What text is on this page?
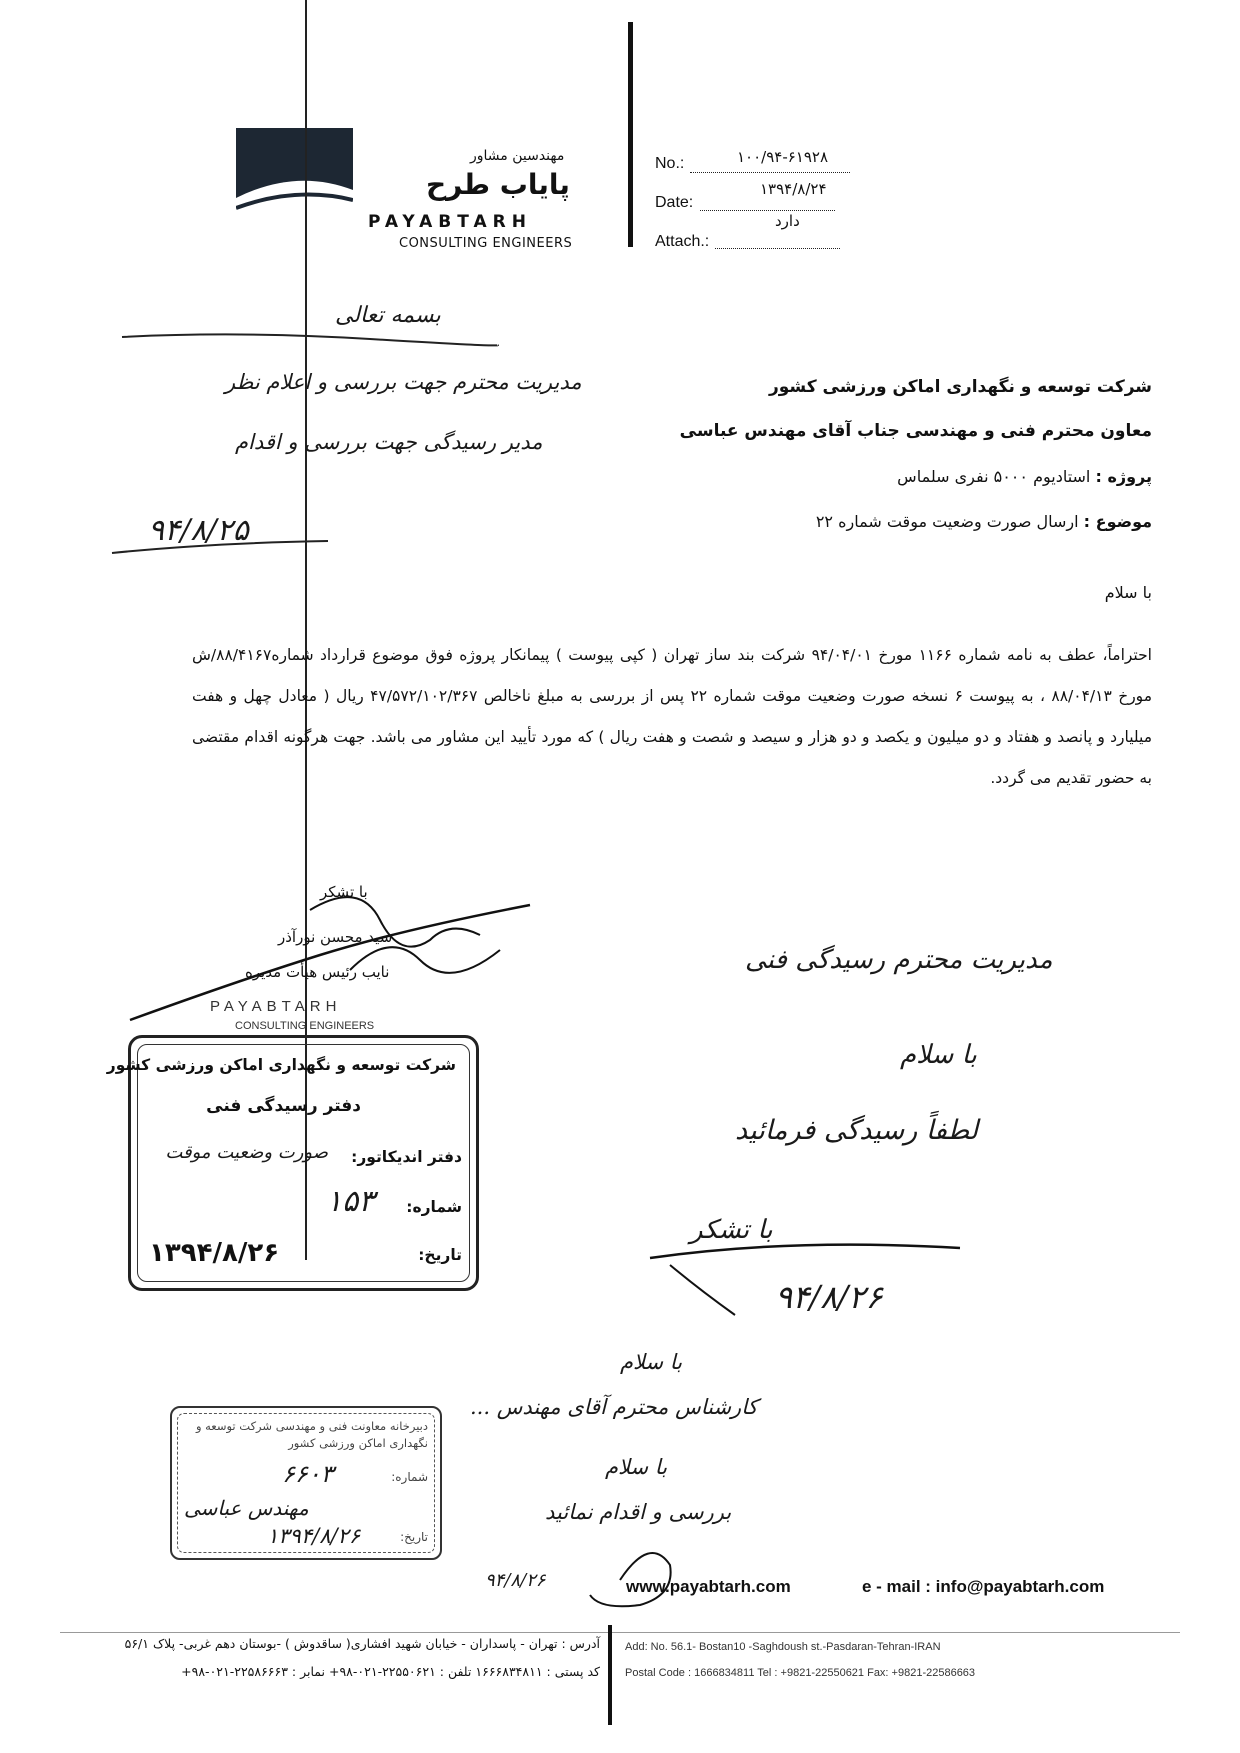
مهندسین مشاور
پایاب طرح
PAYABTARH
CONSULTING ENGINEERS
No.:	۱۰۰/۹۴-۶۱۹۲۸
Date:
۱۳۹۴/۸/۲۴
Attach.:
دارد
بسمه تعالی
مدیریت محترم جهت بررسی و اعلام نظر
مدیر رسیدگی جهت بررسی و اقدام
۹۴/۸/۲۵
شرکت توسعه و نگهداری اماکن ورزشی کشور
معاون محترم فنی و مهندسی جناب آقای مهندس عباسی
پروژه : استادیوم ۵۰۰۰ نفری سلماس
موضوع : ارسال صورت وضعیت موقت شماره ۲۲
با سلام
احتراماً، عطف به نامه شماره ۱۱۶۶ مورخ ۹۴/۰۴/۰۱ شرکت بند ساز تهران ( کپی پیوست ) پیمانکار پروژه فوق موضوع قرارداد شماره۸۸/۴۱۶۷/ش مورخ ۸۸/۰۴/۱۳ ، به پیوست ۶ نسخه صورت وضعیت موقت شماره ۲۲ پس از بررسی به مبلغ ناخالص ۴۷/۵۷۲/۱۰۲/۳۶۷ ریال ( معادل چهل و هفت میلیارد و پانصد و هفتاد و دو میلیون و یکصد و دو هزار و سیصد و شصت و هفت ریال ) که مورد تأیید این مشاور می باشد. جهت هرگونه اقدام مقتضی به حضور تقدیم می گردد.
با تشکر
سید محسن نورآذر
نایب رئیس هیأت مدیره
PAYABTARH
CONSULTING ENGINEERS
شرکت توسعه و نگهداری اماکن ورزشی کشور
دفتر رسیدگی فنی
دفتر اندیکاتور:
صورت وضعیت موقت
شماره:
۱۵۳
تاریخ:
۱۳۹۴/۸/۲۶
مدیریت محترم رسیدگی فنی
با سلام
لطفاً رسیدگی فرمائید
با تشکر
۹۴/۸/۲۶
با سلام
کارشناس محترم آقای مهندس ...
با سلام
بررسی و اقدام نمائید
۹۴/۸/۲۶
دبیرخانه معاونت فنی و مهندسی شرکت توسعه و نگهداری اماکن ورزشی کشور
شماره:
۶۶۰۳
مهندس عباسی
تاریخ:
۱۳۹۴/۸/۲۶
www.payabtarh.com	e - mail : info@payabtarh.com
آدرس : تهران - پاسداران - خیابان شهید افشاری( ساقدوش ) -بوستان دهم غربی- پلاک ۵۶/۱
کد پستی : ۱۶۶۶۸۳۴۸۱۱ تلفن : ۲۲۵۵۰۶۲۱-۰۲۱-۹۸+ نمابر : ۲۲۵۸۶۶۶۳-۰۲۱-۹۸+
Add: No. 56.1- Bostan10 -Saghdoush st.-Pasdaran-Tehran-IRAN
Postal Code : 1666834811 Tel : +9821-22550621 Fax: +9821-22586663
